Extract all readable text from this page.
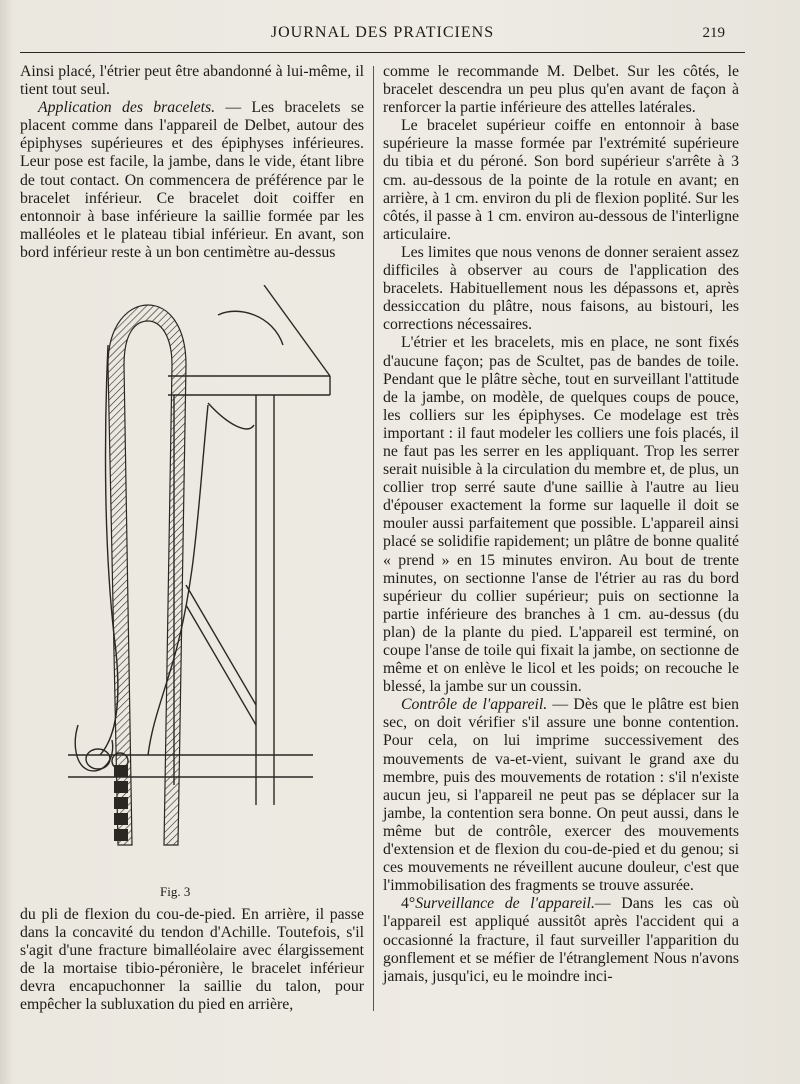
JOURNAL DES PRATICIENS	219

Ainsi placé, l'étrier peut être abandonné à lui-même, il tient tout seul.

Application des bracelets. — Les bracelets se placent comme dans l'appareil de Delbet, autour des épiphyses supérieures et des épiphyses inférieures. Leur pose est facile, la jambe, dans le vide, étant libre de tout contact. On commencera de préférence par le bracelet inférieur. Ce bracelet doit coiffer en entonnoir à base inférieure la saillie formée par les malléoles et le plateau tibial inférieur. En avant, son bord inférieur reste à un bon centimètre au-dessus

Fig. 3

du pli de flexion du cou-de-pied. En arrière, il passe dans la concavité du tendon d'Achille. Toutefois, s'il s'agit d'une fracture bimalléolaire avec élargissement de la mortaise tibio-péronière, le bracelet inférieur devra encapuchonner la saillie du talon, pour empêcher la subluxation du pied en arrière,

comme le recommande M. Delbet. Sur les côtés, le bracelet descendra un peu plus qu'en avant de façon à renforcer la partie inférieure des attelles latérales.

Le bracelet supérieur coiffe en entonnoir à base supérieure la masse formée par l'extrémité supérieure du tibia et du péroné. Son bord supérieur s'arrête à 3 cm. au-dessous de la pointe de la rotule en avant; en arrière, à 1 cm. environ du pli de flexion poplité. Sur les côtés, il passe à 1 cm. environ au-dessous de l'interligne articulaire.

Les limites que nous venons de donner seraient assez difficiles à observer au cours de l'application des bracelets. Habituellement nous les dépassons et, après dessiccation du plâtre, nous faisons, au bistouri, les corrections nécessaires.

L'étrier et les bracelets, mis en place, ne sont fixés d'aucune façon; pas de Scultet, pas de bandes de toile. Pendant que le plâtre sèche, tout en surveillant l'attitude de la jambe, on modèle, de quelques coups de pouce, les colliers sur les épiphyses. Ce modelage est très important : il faut modeler les colliers une fois placés, il ne faut pas les serrer en les appliquant. Trop les serrer serait nuisible à la circulation du membre et, de plus, un collier trop serré saute d'une saillie à l'autre au lieu d'épouser exactement la forme sur laquelle il doit se mouler aussi parfaitement que possible. L'appareil ainsi placé se solidifie rapidement; un plâtre de bonne qualité « prend » en 15 minutes environ. Au bout de trente minutes, on sectionne l'anse de l'étrier au ras du bord supérieur du collier supérieur; puis on sectionne la partie inférieure des branches à 1 cm. au-dessus (du plan) de la plante du pied. L'appareil est terminé, on coupe l'anse de toile qui fixait la jambe, on sectionne de même et on enlève le licol et les poids; on recouche le blessé, la jambe sur un coussin.

Contrôle de l'appareil. — Dès que le plâtre est bien sec, on doit vérifier s'il assure une bonne contention. Pour cela, on lui imprime successivement des mouvements de va-et-vient, suivant le grand axe du membre, puis des mouvements de rotation : s'il n'existe aucun jeu, si l'appareil ne peut pas se déplacer sur la jambe, la contention sera bonne. On peut aussi, dans le même but de contrôle, exercer des mouvements d'extension et de flexion du cou-de-pied et du genou; si ces mouvements ne réveillent aucune douleur, c'est que l'immobilisation des fragments se trouve assurée.

4°Surveillance de l'appareil.— Dans les cas où l'appareil est appliqué aussitôt après l'accident qui a occasionné la fracture, il faut surveiller l'apparition du gonflement et se méfier de l'étranglement Nous n'avons jamais, jusqu'ici, eu le moindre inci-
